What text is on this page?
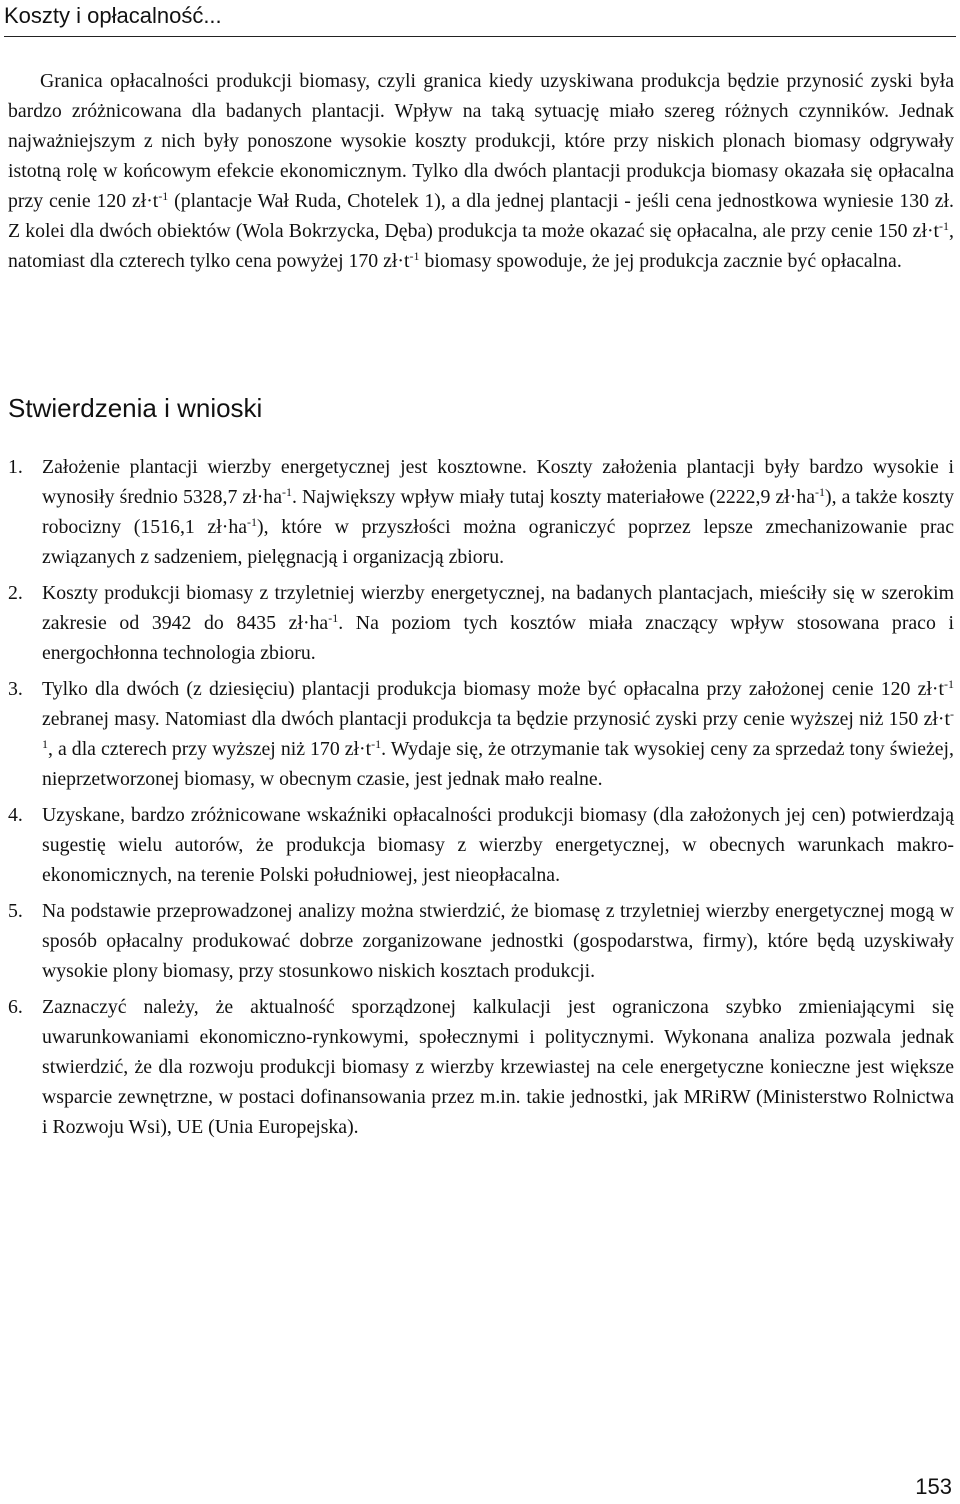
Koszty i opłacalność...

Granica opłacalności produkcji biomasy, czyli granica kiedy uzyskiwana produkcja będzie przynosić zyski była bardzo zróżnicowana dla badanych plantacji. Wpływ na taką sytuację miało szereg różnych czynników. Jednak najważniejszym z nich były ponoszone wysokie koszty produkcji, które przy niskich plonach biomasy odgrywały istotną rolę w końcowym efekcie ekonomicznym. Tylko dla dwóch plantacji produkcja biomasy okazała się opłacalna przy cenie 120 $zł\cdot t^{-1}$ (plantacje Wał Ruda, Chotelek 1), a dla jednej plantacji - jeśli cena jednostkowa wyniesie 130 zł. Z kolei dla dwóch obiektów (Wola Bokrzycka, Dęba) produkcja ta może okazać się opłacalna, ale przy cenie 150 $zł\cdot t^{-1}$, natomiast dla czterech tylko cena powyżej 170 $zł\cdot t^{-1}$ biomasy spowoduje, że jej produkcja zacznie być opłacalna.

Stwierdzenia i wnioski
1. Założenie plantacji wierzby energetycznej jest kosztowne. Koszty założenia plantacji były bardzo wysokie i wynosiły średnio 5328,7 $zł\cdot ha^{-1}$. Największy wpływ miały tutaj koszty materiałowe (2222,9 $zł\cdot ha^{-1}$), a także koszty robocizny (1516,1 $zł\cdot ha^{-1}$), które w przyszłości można ograniczyć poprzez lepsze zmechanizowanie prac związanych z sadzeniem, pielęgnacją i organizacją zbioru.
2. Koszty produkcji biomasy z trzyletniej wierzby energetycznej, na badanych plantacjach, mieściły się w szerokim zakresie od 3942 do 8435 $zł\cdot ha^{-1}$. Na poziom tych kosztów miała znaczący wpływ stosowana praco i energochłonna technologia zbioru.
3. Tylko dla dwóch (z dziesięciu) plantacji produkcja biomasy może być opłacalna przy założonej cenie 120 $zł\cdot t^{-1}$ zebranej masy. Natomiast dla dwóch plantacji produkcja ta będzie przynosić zyski przy cenie wyższej niż 150 $zł\cdot t^{-1}$, a dla czterech przy wyższej niż 170 $zł\cdot t^{-1}$. Wydaje się, że otrzymanie tak wysokiej ceny za sprzedaż tony świeżej, nieprzetworzonej biomasy, w obecnym czasie, jest jednak mało realne.
4. Uzyskane, bardzo zróżnicowane wskaźniki opłacalności produkcji biomasy (dla założonych jej cen) potwierdzają sugestię wielu autorów, że produkcja biomasy z wierzby energetycznej, w obecnych warunkach makro-ekonomicznych, na terenie Polski południowej, jest nieopłacalna.
5. Na podstawie przeprowadzonej analizy można stwierdzić, że biomasę z trzyletniej wierzby energetycznej mogą w sposób opłacalny produkować dobrze zorganizowane jednostki (gospodarstwa, firmy), które będą uzyskiwały wysokie plony biomasy, przy stosunkowo niskich kosztach produkcji.
6. Zaznaczyć należy, że aktualność sporządzonej kalkulacji jest ograniczona szybko zmieniającymi się uwarunkowaniami ekonomiczno-rynkowymi, społecznymi i politycznymi. Wykonana analiza pozwala jednak stwierdzić, że dla rozwoju produkcji biomasy z wierzby krzewiastej na cele energetyczne konieczne jest większe wsparcie zewnętrzne, w postaci dofinansowania przez m.in. takie jednostki, jak MRiRW (Ministerstwo Rolnictwa i Rozwoju Wsi), UE (Unia Europejska).
153
